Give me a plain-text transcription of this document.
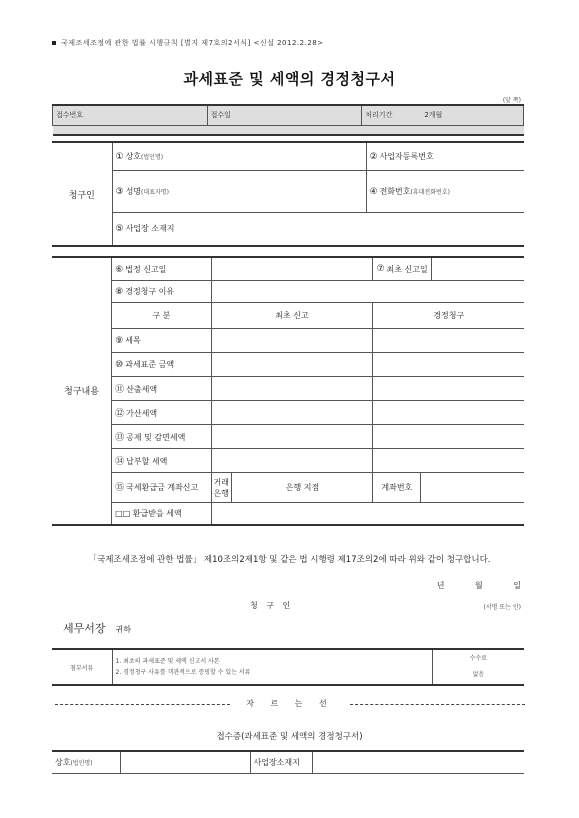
국제조세조정에 관한 법률 시행규칙 [별지 제7호의2서식] <신설 2012.2.28>
과세표준 및 세액의 경정청구서
(앞 쪽)
접수번호	접수일	처리기간	2개월

청구인	① 상호(법인명)	② 사업자등록번호
	③ 성명(대표자명)	④ 전화번호(휴대전화번호)
	⑤ 사업장 소재지	
청구내용	⑥ 법정 신고일			⑦ 최초 신고일	

	⑧ 경정청구 이유				
	구 분	최초 신고		경정청구	
	⑨ 세목				
	⑩ 과세표준 금액				
	⑪ 산출세액				
	⑫ 가산세액				
	⑬ 공제 및 감면세액				
	⑭ 납부할 세액				
	⑮ 국세환급금 계좌신고	거래은행	은행 지점	계좌번호	
	□□ 환급받을 세액				
「국제조세조정에 관한 법률」 제10조의2제1항 및 같은 법 시행령 제17조의2에 따라 위와 같이 청구합니다.
년 월 일
청 구 인	(서명 또는 인)
세무서장 귀하
첨부서류	
1. 최초의 과세표준 및 세액 신고서 사본
2. 경정청구 사유를 객관적으로 증빙할 수 있는 서류

수수료
없음
자 르 는 선
접수증(과세표준 및 세액의 경정청구서)
상호(법인명)		사업장소재지	
